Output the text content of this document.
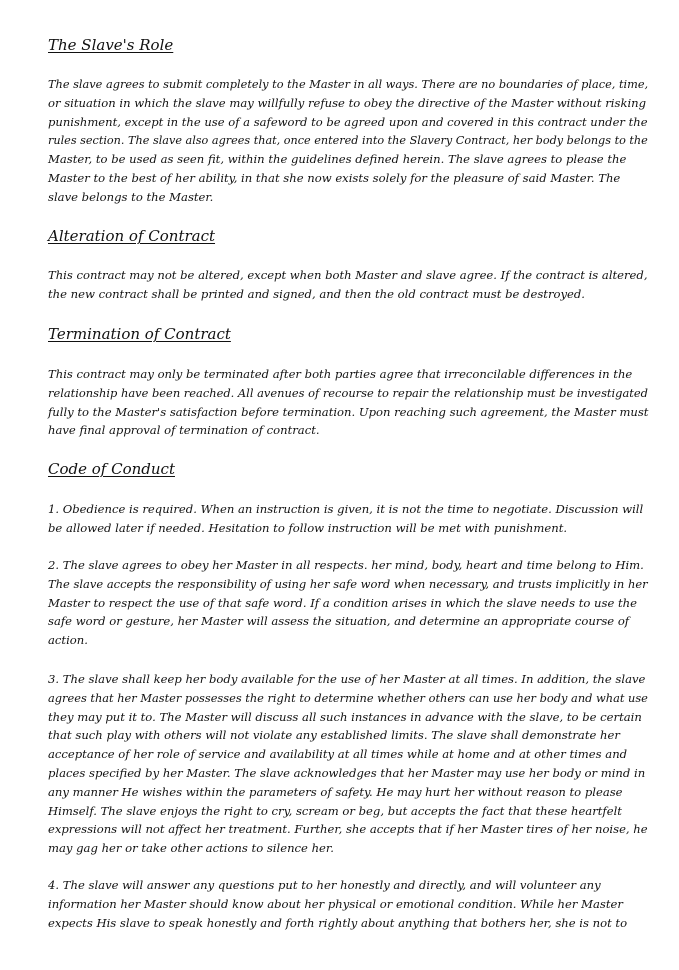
The Slave's Role
The slave agrees to submit completely to the Master in all ways. There are no boundaries of place, time,
or situation in which the slave may willfully refuse to obey the directive of the Master without risking
punishment, except in the use of a safeword to be agreed upon and covered in this contract under the
rules section. The slave also agrees that, once entered into the Slavery Contract, her body belongs to the
Master, to be used as seen fit, within the guidelines defined herein. The slave agrees to please the
Master to the best of her ability, in that she now exists solely for the pleasure of said Master. The
slave belongs to the Master.
Alteration of Contract
This contract may not be altered, except when both Master and slave agree. If the contract is altered,
the new contract shall be printed and signed, and then the old contract must be destroyed.
Termination of Contract
This contract may only be terminated after both parties agree that irreconcilable differences in the
relationship have been reached. All avenues of recourse to repair the relationship must be investigated
fully to the Master's satisfaction before termination. Upon reaching such agreement, the Master must
have final approval of termination of contract.
Code of Conduct
1. Obedience is required. When an instruction is given, it is not the time to negotiate. Discussion will
be allowed later if needed. Hesitation to follow instruction will be met with punishment.
2. The slave agrees to obey her Master in all respects. her mind, body, heart and time belong to Him.
The slave accepts the responsibility of using her safe word when necessary, and trusts implicitly in her
Master to respect the use of that safe word. If a condition arises in which the slave needs to use the
safe word or gesture, her Master will assess the situation, and determine an appropriate course of
action.
3. The slave shall keep her body available for the use of her Master at all times. In addition, the slave
agrees that her Master possesses the right to determine whether others can use her body and what use
they may put it to. The Master will discuss all such instances in advance with the slave, to be certain
that such play with others will not violate any established limits. The slave shall demonstrate her
acceptance of her role of service and availability at all times while at home and at other times and
places specified by her Master. The slave acknowledges that her Master may use her body or mind in
any manner He wishes within the parameters of safety. He may hurt her without reason to please
Himself. The slave enjoys the right to cry, scream or beg, but accepts the fact that these heartfelt
expressions will not affect her treatment. Further, she accepts that if her Master tires of her noise, he
may gag her or take other actions to silence her.
4. The slave will answer any questions put to her honestly and directly, and will volunteer any
information her Master should know about her physical or emotional condition. While her Master
expects His slave to speak honestly and forth rightly about anything that bothers her, she is not to
